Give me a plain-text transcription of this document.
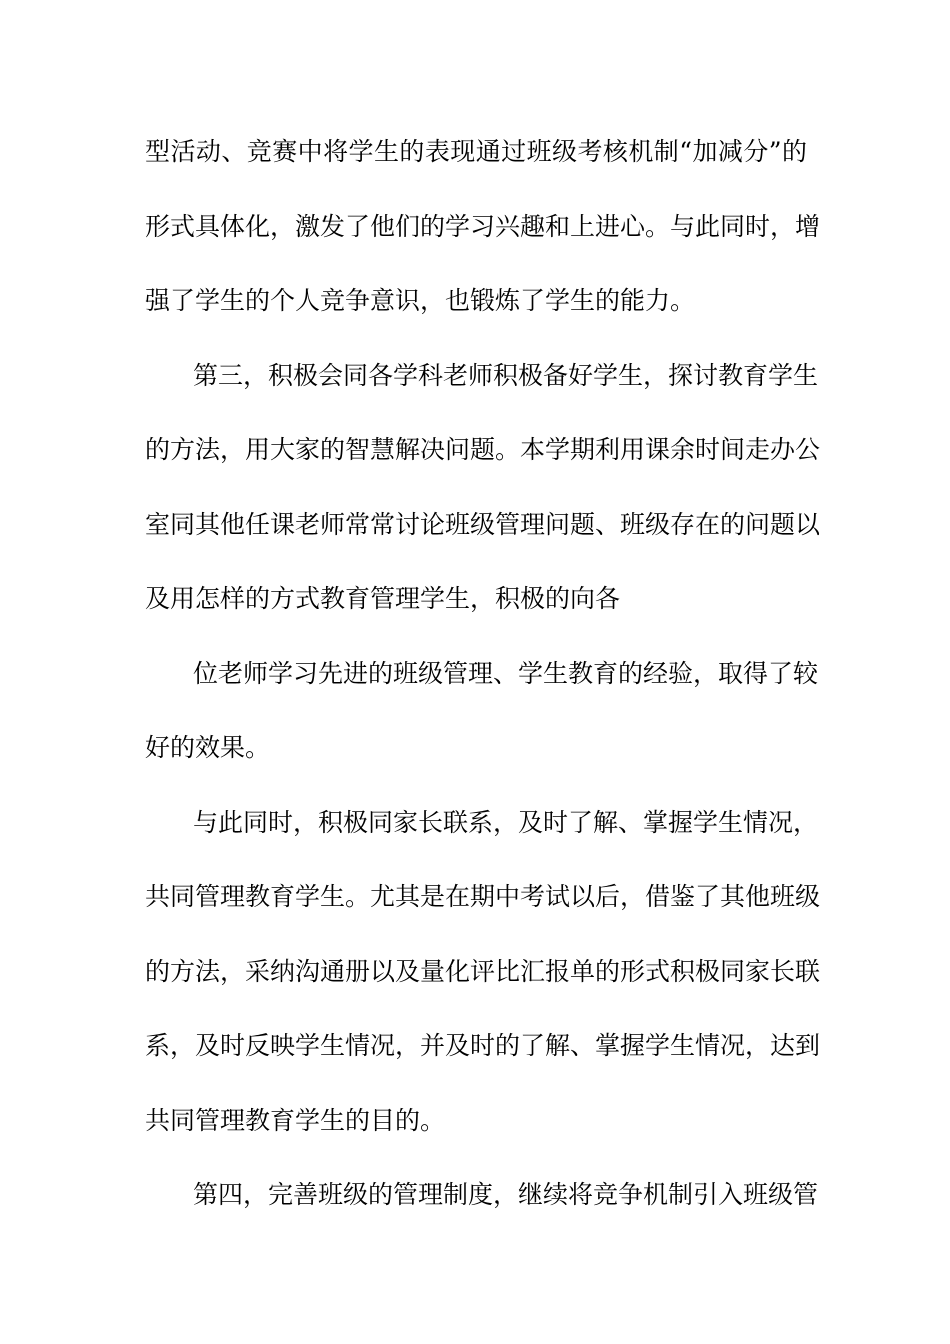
型活动、竞赛中将学生的表现通过班级考核机制“加减分”的
形式具体化，激发了他们的学习兴趣和上进心。与此同时，增
强了学生的个人竞争意识，也锻炼了学生的能力。
第三，积极会同各学科老师积极备好学生，探讨教育学生
的方法，用大家的智慧解决问题。本学期利用课余时间走办公
室同其他任课老师常常讨论班级管理问题、班级存在的问题以
及用怎样的方式教育管理学生，积极的向各
位老师学习先进的班级管理、学生教育的经验，取得了较
好的效果。
与此同时，积极同家长联系，及时了解、掌握学生情况，
共同管理教育学生。尤其是在期中考试以后，借鉴了其他班级
的方法，采纳沟通册以及量化评比汇报单的形式积极同家长联
系，及时反映学生情况，并及时的了解、掌握学生情况，达到
共同管理教育学生的目的。
第四，完善班级的管理制度，继续将竞争机制引入班级管
